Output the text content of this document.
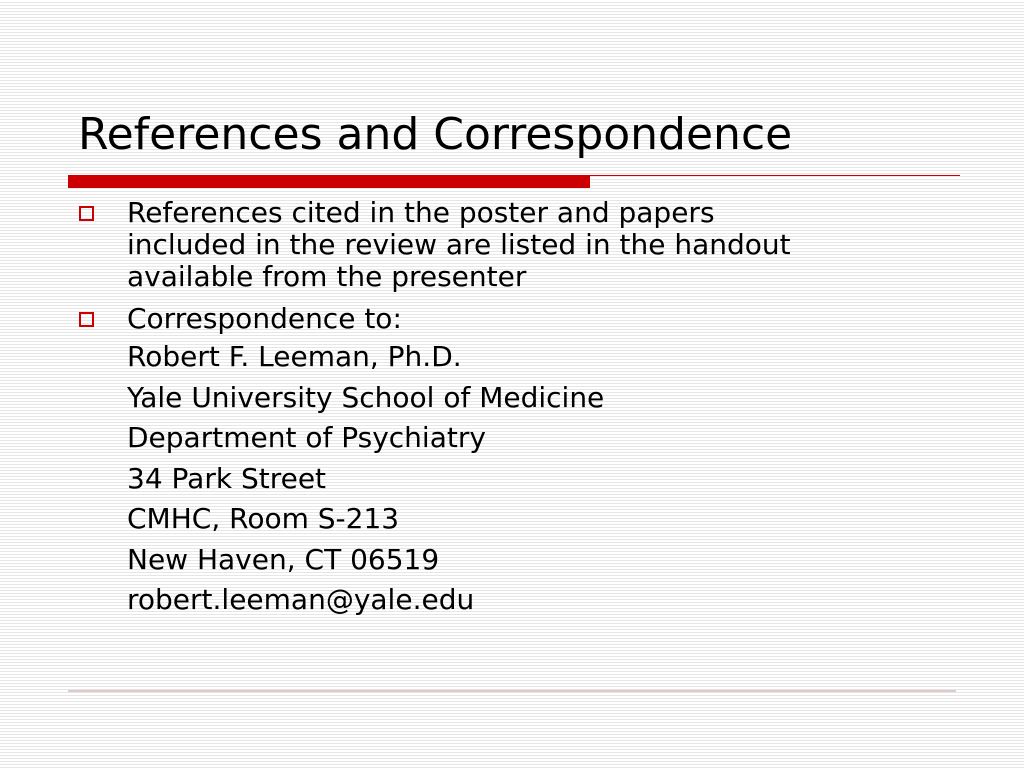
References and Correspondence
References cited in the poster and papers
included in the review are listed in the handout
available from the presenter
Correspondence to:
Robert F. Leeman, Ph.D.
Yale University School of Medicine
Department of Psychiatry
34 Park Street
CMHC, Room S-213
New Haven, CT 06519
robert.leeman@yale.edu
